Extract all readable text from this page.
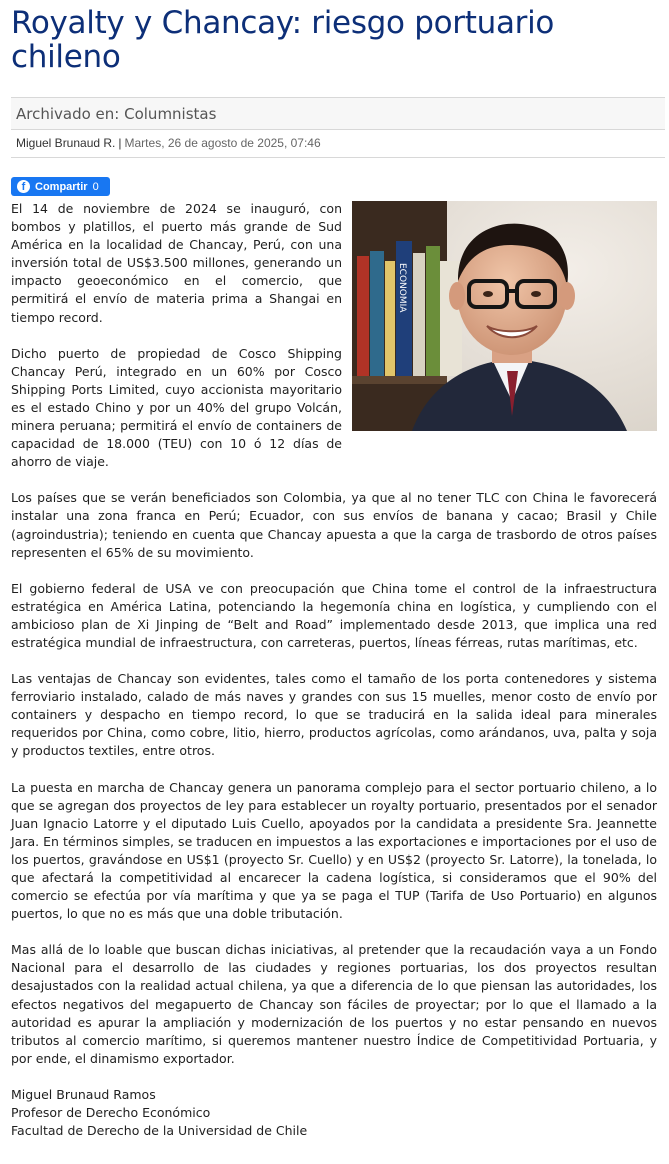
Royalty y Chancay: riesgo portuario chileno
Archivado en: Columnistas
Miguel Brunaud R. | Martes, 26 de agosto de 2025, 07:46
f Compartir 0
ECONOMIA

El 14 de noviembre de 2024 se inauguró, con bombos y platillos, el puerto más grande de Sud América en la localidad de Chancay, Perú, con una inversión total de US$3.500 millones, generando un impacto geoeconómico en el comercio, que permitirá el envío de materia prima a Shangai en tiempo record.

Dicho puerto de propiedad de Cosco Shipping Chancay Perú, integrado en un 60% por Cosco Shipping Ports Limited, cuyo accionista mayoritario es el estado Chino y por un 40% del grupo Volcán, minera peruana; permitirá el envío de containers de capacidad de 18.000 (TEU) con 10 ó 12 días de ahorro de viaje.

Los países que se verán beneficiados son Colombia, ya que al no tener TLC con China le favorecerá instalar una zona franca en Perú; Ecuador, con sus envíos de banana y cacao; Brasil y Chile (agroindustria); teniendo en cuenta que Chancay apuesta a que la carga de trasbordo de otros países representen el 65% de su movimiento.

El gobierno federal de USA ve con preocupación que China tome el control de la infraestructura estratégica en América Latina, potenciando la hegemonía china en logística, y cumpliendo con el ambicioso plan de Xi Jinping de “Belt and Road” implementado desde 2013, que implica una red estratégica mundial de infraestructura, con carreteras, puertos, líneas férreas, rutas marítimas, etc.

Las ventajas de Chancay son evidentes, tales como el tamaño de los porta contenedores y sistema ferroviario instalado, calado de más naves y grandes con sus 15 muelles, menor costo de envío por containers y despacho en tiempo record, lo que se traducirá en la salida ideal para minerales requeridos por China, como cobre, litio, hierro, productos agrícolas, como arándanos, uva, palta y soja y productos textiles, entre otros.

La puesta en marcha de Chancay genera un panorama complejo para el sector portuario chileno, a lo que se agregan dos proyectos de ley para establecer un royalty portuario, presentados por el senador Juan Ignacio Latorre y el diputado Luis Cuello, apoyados por la candidata a presidente Sra. Jeannette Jara. En términos simples, se traducen en impuestos a las exportaciones e importaciones por el uso de los puertos, gravándose en US$1 (proyecto Sr. Cuello) y en US$2 (proyecto Sr. Latorre), la tonelada, lo que afectará la competitividad al encarecer la cadena logística, si consideramos que el 90% del comercio se efectúa por vía marítima y que ya se paga el TUP (Tarifa de Uso Portuario) en algunos puertos, lo que no es más que una doble tributación.

Mas allá de lo loable que buscan dichas iniciativas, al pretender que la recaudación vaya a un Fondo Nacional para el desarrollo de las ciudades y regiones portuarias, los dos proyectos resultan desajustados con la realidad actual chilena, ya que a diferencia de lo que piensan las autoridades, los efectos negativos del megapuerto de Chancay son fáciles de proyectar; por lo que el llamado a la autoridad es apurar la ampliación y modernización de los puertos y no estar pensando en nuevos tributos al comercio marítimo, si queremos mantener nuestro Índice de Competitividad Portuaria, y por ende, el dinamismo exportador.

Miguel Brunaud Ramos

Profesor de Derecho Económico

Facultad de Derecho de la Universidad de Chile
